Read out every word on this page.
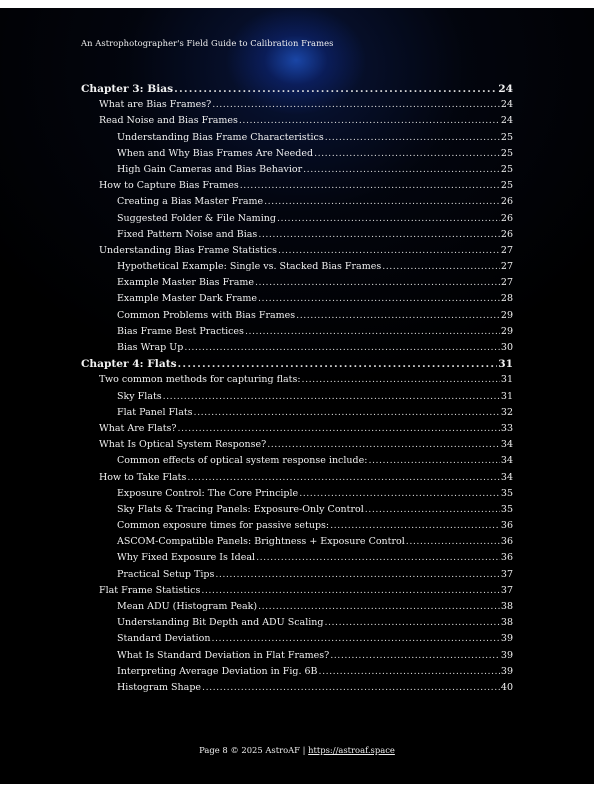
An Astrophotographer's Field Guide to Calibration Frames
Chapter 3: Bias .....	24
What are Bias Frames? .....	24
Read Noise and Bias Frames .....	24
Understanding Bias Frame Characteristics .....	25
When and Why Bias Frames Are Needed .....	25
High Gain Cameras and Bias Behavior .....	25
How to Capture Bias Frames .....	25
Creating a Bias Master Frame .....	26
Suggested Folder & File Naming .....	26
Fixed Pattern Noise and Bias .....	26
Understanding Bias Frame Statistics .....	27
Hypothetical Example: Single vs. Stacked Bias Frames .....	27
Example Master Bias Frame .....	27
Example Master Dark Frame .....	28
Common Problems with Bias Frames .....	29
Bias Frame Best Practices .....	29
Bias Wrap Up .....	30
Chapter 4: Flats .....	31
Two common methods for capturing flats: .....	31
Sky Flats .....	31
Flat Panel Flats .....	32
What Are Flats? .....	33
What Is Optical System Response? .....	34
Common effects of optical system response include: .....	34
How to Take Flats .....	34
Exposure Control: The Core Principle .....	35
Sky Flats & Tracing Panels: Exposure-Only Control .....	35
Common exposure times for passive setups: .....	36
ASCOM-Compatible Panels: Brightness + Exposure Control .....	36
Why Fixed Exposure Is Ideal .....	36
Practical Setup Tips .....	37
Flat Frame Statistics .....	37
Mean ADU (Histogram Peak) .....	38
Understanding Bit Depth and ADU Scaling .....	38
Standard Deviation .....	39
What Is Standard Deviation in Flat Frames? .....	39
Interpreting Average Deviation in Fig. 6B .....	39
Histogram Shape .....	40
Page 8 © 2025 AstroAF | https://astroaf.space
